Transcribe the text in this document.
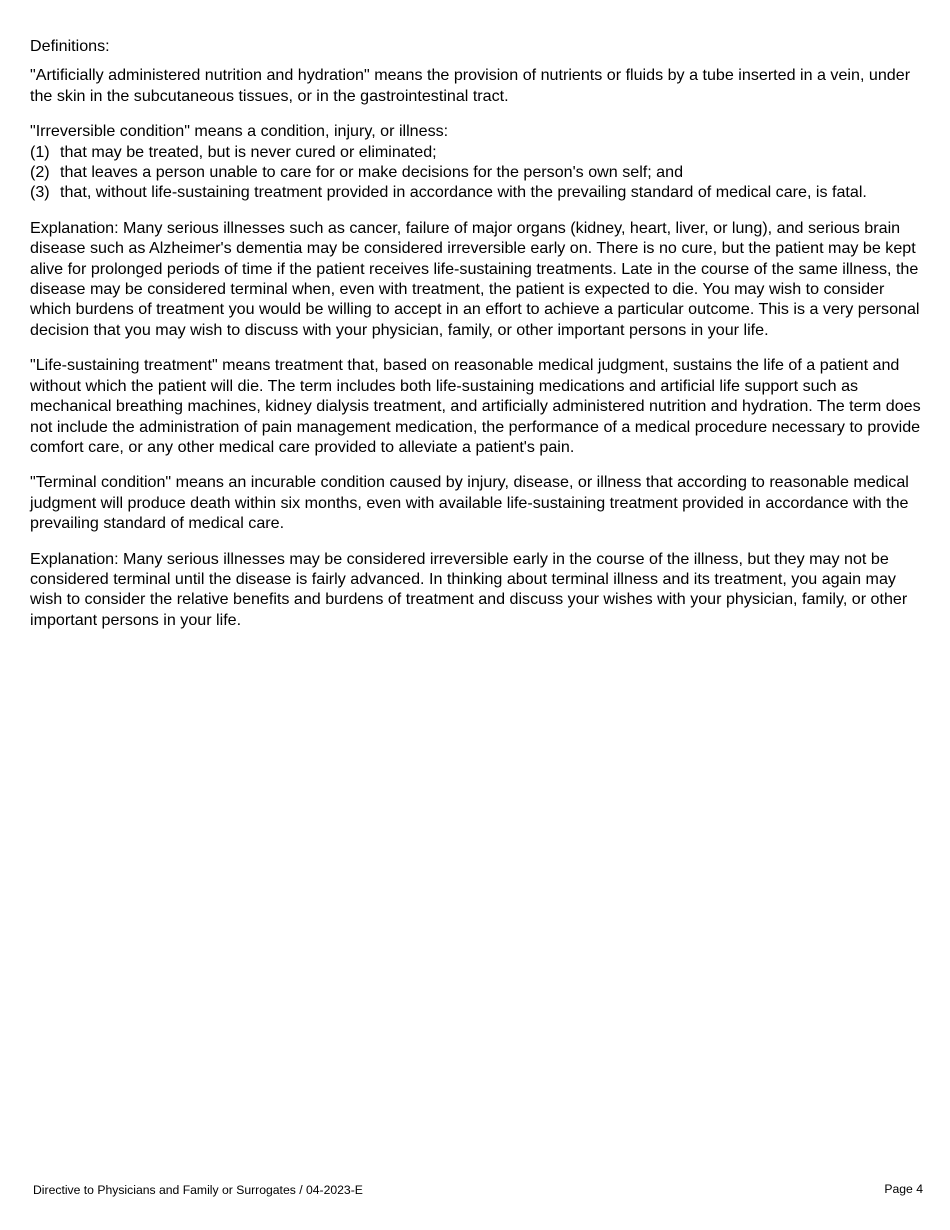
Definitions:

"Artificially administered nutrition and hydration" means the provision of nutrients or fluids by a tube inserted in a vein, under the skin in the subcutaneous tissues, or in the gastrointestinal tract.

"Irreversible condition" means a condition, injury, or illness:

(1) that may be treated, but is never cured or eliminated;
(2) that leaves a person unable to care for or make decisions for the person's own self; and
(3) that, without life-sustaining treatment provided in accordance with the prevailing standard of medical care, is fatal.

Explanation: Many serious illnesses such as cancer, failure of major organs (kidney, heart, liver, or lung), and serious brain disease such as Alzheimer's dementia may be considered irreversible early on. There is no cure, but the patient may be kept alive for prolonged periods of time if the patient receives life-sustaining treatments. Late in the course of the same illness, the disease may be considered terminal when, even with treatment, the patient is expected to die. You may wish to consider which burdens of treatment you would be willing to accept in an effort to achieve a particular outcome. This is a very personal decision that you may wish to discuss with your physician, family, or other important persons in your life.

"Life-sustaining treatment" means treatment that, based on reasonable medical judgment, sustains the life of a patient and without which the patient will die. The term includes both life-sustaining medications and artificial life support such as mechanical breathing machines, kidney dialysis treatment, and artificially administered nutrition and hydration. The term does not include the administration of pain management medication, the performance of a medical procedure necessary to provide comfort care, or any other medical care provided to alleviate a patient's pain.

"Terminal condition" means an incurable condition caused by injury, disease, or illness that according to reasonable medical judgment will produce death within six months, even with available life-sustaining treatment provided in accordance with the prevailing standard of medical care.

Explanation: Many serious illnesses may be considered irreversible early in the course of the illness, but they may not be considered terminal until the disease is fairly advanced. In thinking about terminal illness and its treatment, you again may wish to consider the relative benefits and burdens of treatment and discuss your wishes with your physician, family, or other important persons in your life.

Directive to Physicians and Family or Surrogates / 04-2023-E	Page 4
